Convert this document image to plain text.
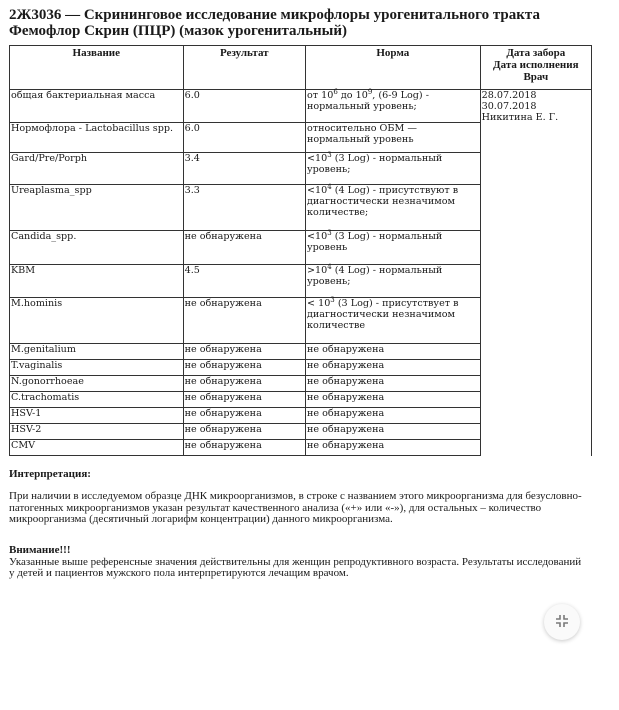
2Ж3036 — Скрининговое исследование микрофлоры урогенитального тракта
Фемофлор Скрин (ПЦР) (мазок урогенитальный)
Название	Результат	Норма	Дата забора
Дата исполнения
Врач

общая бактериальная масса	6.0	от $10^6$ до $10^9$, (6-9 Log) - нормальный уровень;	28.07.2018
30.07.2018
Никитина Е. Г.

Нормофлора - Lactobacillus spp.	6.0	относительно ОБМ — нормальный уровень	
Gard/Pre/Porph	3.4	$<10^3$ (3 Log) - нормальный уровень;	
Ureaplasma_spp	3.3	$<10^4$ (4 Log) - присутствуют в диагностически незначимом количестве;	
Candida_spp.	не обнаружена	$<10^3$ (3 Log) - нормальный уровень	
KBM	4.5	$>10^4$ (4 Log) - нормальный уровень;	
M.hominis	не обнаружена	< $10^3$ (3 Log) - присутствует в диагностически незначимом количестве	
M.genitalium	не обнаружена	не обнаружена	
T.vaginalis	не обнаружена	не обнаружена	
N.gonorrhoeae	не обнаружена	не обнаружена	
C.trachomatis	не обнаружена	не обнаружена	
HSV-1	не обнаружена	не обнаружена	
HSV-2	не обнаружена	не обнаружена	
CMV	не обнаружена	не обнаружена	
Интерпретация:
При наличии в исследуемом образце ДНК микроорганизмов, в строке с названием этого микроорганизма для безусловно-патогенных микроорганизмов указан результат качественного анализа («+» или «-»), для остальных – количество микроорганизма (десятичный логарифм концентрации) данного микроорганизма.
Внимание!!!
Указанные выше референсные значения действительны для женщин репродуктивного возраста. Результаты исследований у детей и пациентов мужского пола интерпретируются лечащим врачом.
